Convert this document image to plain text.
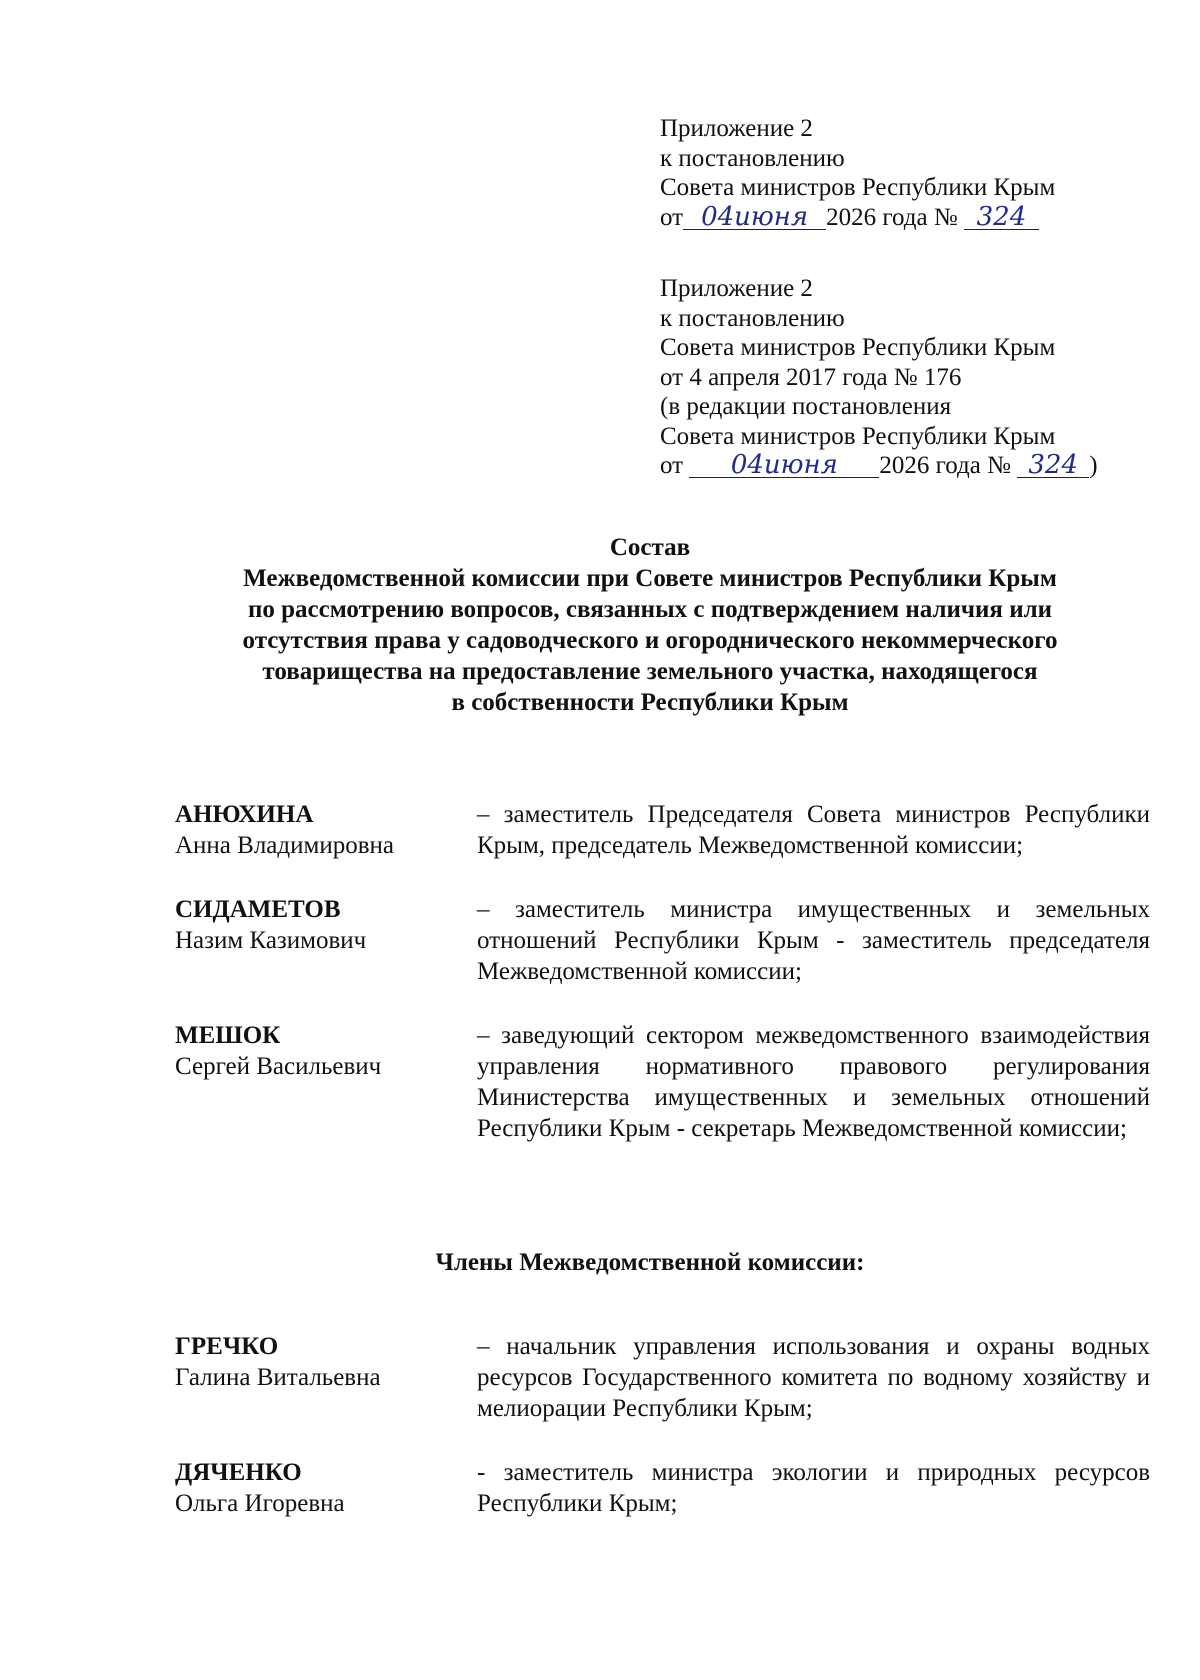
Приложение 2
к постановлению
Совета министров Республики Крым
от 04июня 2026 года № 324
Приложение 2
к постановлению
Совета министров Республики Крым
от 4 апреля 2017 года № 176
(в редакции постановления
Совета министров Республики Крым
от 04июня 2026 года № 324 )
Состав
Межведомственной комиссии при Совете министров Республики Крым
по рассмотрению вопросов, связанных с подтверждением наличия или
отсутствия права у садоводческого и огороднического некоммерческого
товарищества на предоставление земельного участка, находящегося
в собственности Республики Крым
АНЮХИНА
Анна Владимировна
– заместитель Председателя Совета министров Республики Крым, председатель Межведомственной комиссии;
СИДАМЕТОВ
Назим Казимович
– заместитель министра имущественных и земельных отношений Республики Крым - заместитель председателя Межведомственной комиссии;
МЕШОК
Сергей Васильевич
– заведующий сектором межведомственного взаимодействия управления нормативного правового регулирования Министерства имущественных и земельных отношений Республики Крым - секретарь Межведомственной комиссии;
Члены Межведомственной комиссии:
ГРЕЧКО
Галина Витальевна
– начальник управления использования и охраны водных ресурсов Государственного комитета по водному хозяйству и мелиорации Республики Крым;
ДЯЧЕНКО
Ольга Игоревна
- заместитель министра экологии и природных ресурсов Республики Крым;
